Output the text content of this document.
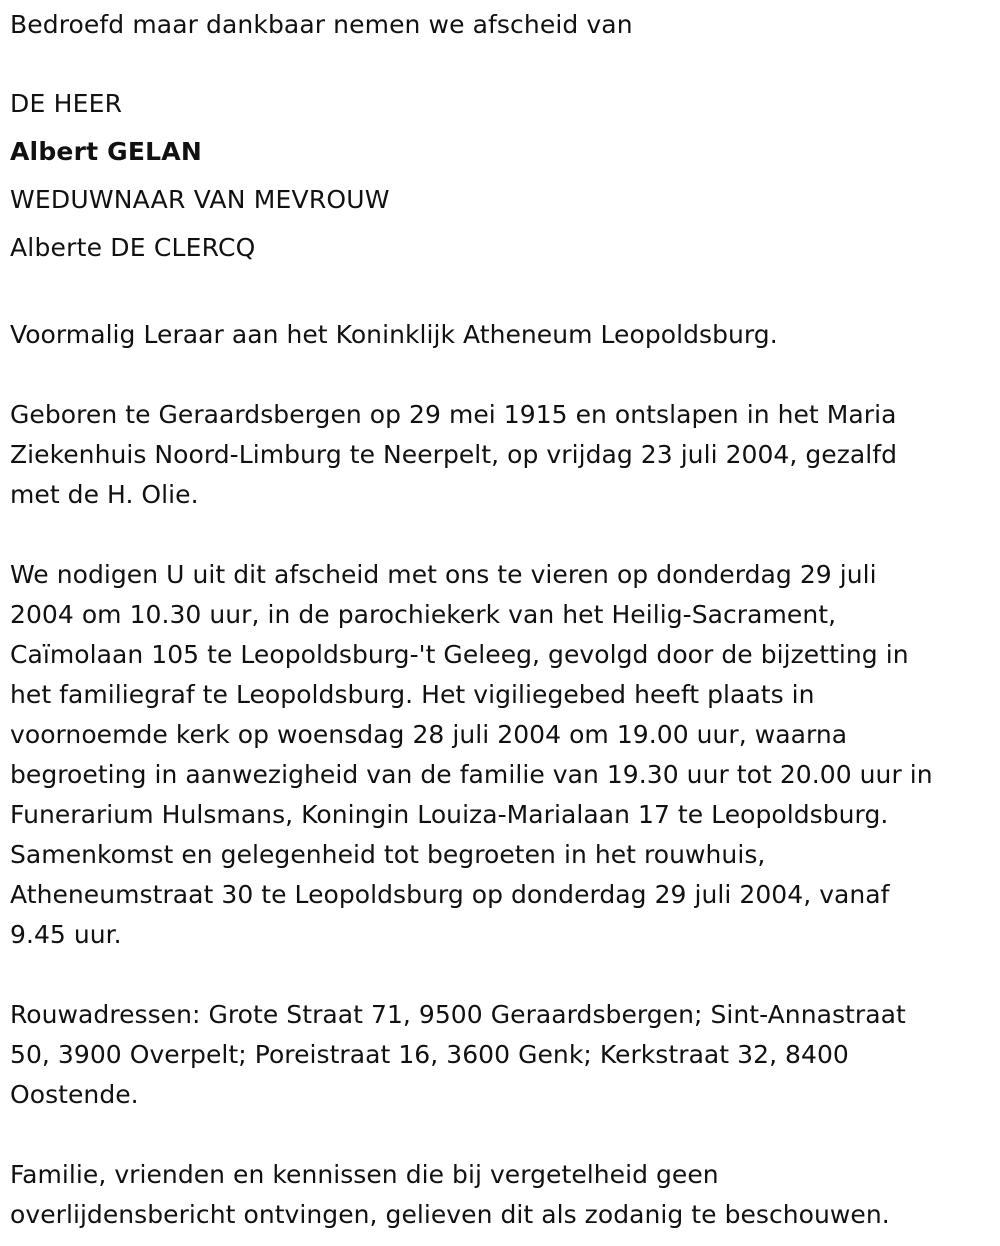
Bedroefd maar dankbaar nemen we afscheid van

DE HEER

Albert GELAN

WEDUWNAAR VAN MEVROUW

Alberte DE CLERCQ

Voormalig Leraar aan het Koninklijk Atheneum Leopoldsburg.

Geboren te Geraardsbergen op 29 mei 1915 en ontslapen in het Maria
Ziekenhuis Noord-Limburg te Neerpelt, op vrijdag 23 juli 2004, gezalfd
met de H. Olie.

We nodigen U uit dit afscheid met ons te vieren op donderdag 29 juli
2004 om 10.30 uur, in de parochiekerk van het Heilig-Sacrament,
Caïmolaan 105 te Leopoldsburg-'t Geleeg, gevolgd door de bijzetting in
het familiegraf te Leopoldsburg. Het vigiliegebed heeft plaats in
voornoemde kerk op woensdag 28 juli 2004 om 19.00 uur, waarna
begroeting in aanwezigheid van de familie van 19.30 uur tot 20.00 uur in
Funerarium Hulsmans, Koningin Louiza-Marialaan 17 te Leopoldsburg.
Samenkomst en gelegenheid tot begroeten in het rouwhuis,
Atheneumstraat 30 te Leopoldsburg op donderdag 29 juli 2004, vanaf
9.45 uur.

Rouwadressen: Grote Straat 71, 9500 Geraardsbergen; Sint-Annastraat
50, 3900 Overpelt; Poreistraat 16, 3600 Genk; Kerkstraat 32, 8400
Oostende.

Familie, vrienden en kennissen die bij vergetelheid geen
overlijdensbericht ontvingen, gelieven dit als zodanig te beschouwen.
